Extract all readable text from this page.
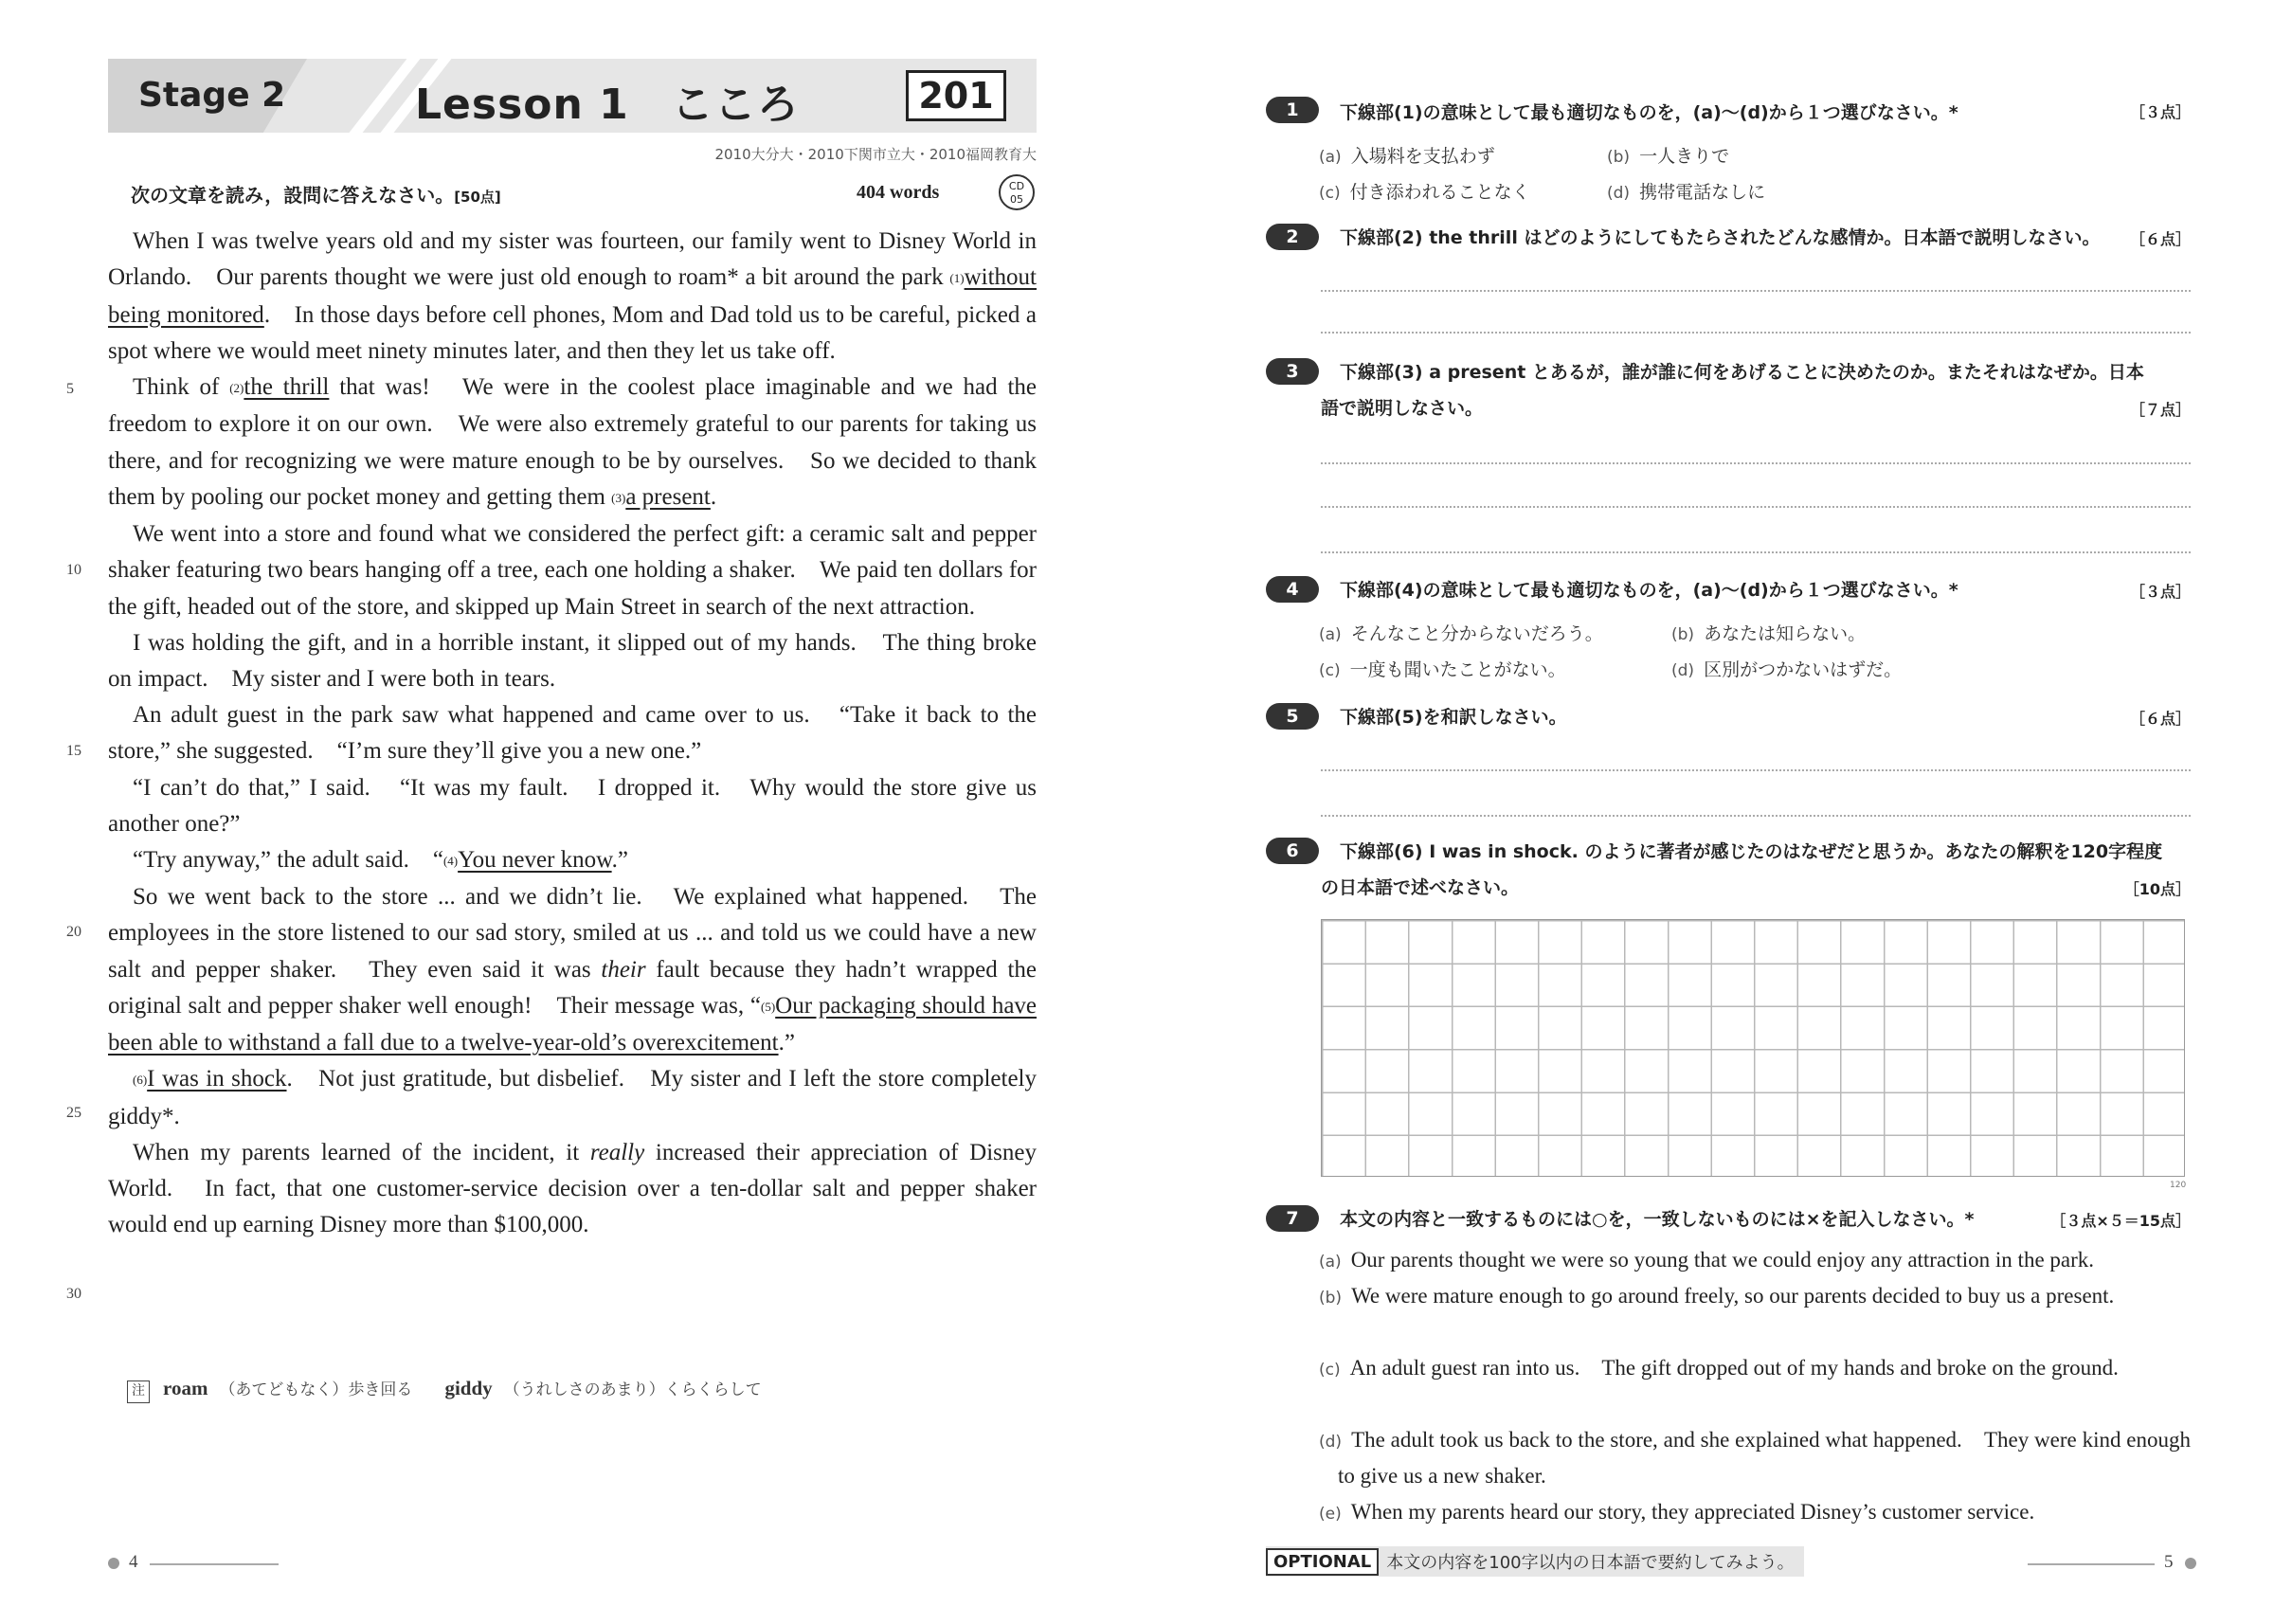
Stage 2	Lesson 1　こころ	201
2010大分大・2010下関市立大・2010福岡教育大
次の文章を読み，設問に答えなさい。[50点]	404 words	CD
05

When I was twelve years old and my sister was fourteen, our family went to Disney World in Orlando.　Our parents thought we were just old enough to roam* a bit around the park (1)without being monitored.　In those days before cell phones, Mom and Dad told us to be careful, picked a spot where we would meet ninety minutes later, and then they let us take off.

Think of (2)the thrill that was!　We were in the coolest place imaginable and we had the freedom to explore it on our own.　We were also extremely grateful to our parents for taking us there, and for recognizing we were mature enough to be by ourselves.　So we decided to thank them by pooling our pocket money and getting them (3)a present.

We went into a store and found what we considered the perfect gift: a ceramic salt and pepper shaker featuring two bears hanging off a tree, each one holding a shaker.　We paid ten dollars for the gift, headed out of the store, and skipped up Main Street in search of the next attraction.

I was holding the gift, and in a horrible instant, it slipped out of my hands.　The thing broke on impact.　My sister and I were both in tears.

An adult guest in the park saw what happened and came over to us.　“Take it back to the store,” she suggested.　“I’m sure they’ll give you a new one.”

“I can’t do that,” I said.　“It was my fault.　I dropped it.　Why would the store give us another one?”

“Try anyway,” the adult said.　“(4)You never know.”

So we went back to the store ... and we didn’t lie.　We explained what happened.　The employees in the store listened to our sad story, smiled at us ... and told us we could have a new salt and pepper shaker.　They even said it was their fault because they hadn’t wrapped the original salt and pepper shaker well enough!　Their message was, “(5)Our packaging should have been able to withstand a fall due to a twelve-year-old’s overexcitement.”

(6)I was in shock.　Not just gratitude, but disbelief.　My sister and I left the store completely giddy*.

When my parents learned of the incident, it really increased their appreciation of Disney World.　In fact, that one customer-service decision over a ten-dollar salt and pepper shaker would end up earning Disney more than $100,000.

5
10
15
20
25
30
注 roam （あてどもなく）歩き回る giddy （うれしさのあまり）くらくらして
4
1	下線部(1)の意味として最も適切なものを，(a)〜(d)から１つ選びなさい。*	［３点］
(a) 入場料を支払わず	(b) 一人きりで
(c) 付き添われることなく	(d) 携帯電話なしに
2	下線部(2) the thrill はどのようにしてもたらされたどんな感情か。日本語で説明しなさい。	［６点］
3	下線部(3) a present とあるが，誰が誰に何をあげることに決めたのか。またそれはなぜか。日本
語で説明しなさい。	［７点］
4	下線部(4)の意味として最も適切なものを，(a)〜(d)から１つ選びなさい。*	［３点］
(a) そんなこと分からないだろう。	(b) あなたは知らない。
(c) 一度も聞いたことがない。	(d) 区別がつかないはずだ。
5	下線部(5)を和訳しなさい。	［６点］
6	下線部(6) I was in shock. のように著者が感じたのはなぜだと思うか。あなたの解釈を120字程度
の日本語で述べなさい。	［10点］
120
7	本文の内容と一致するものには○を，一致しないものには×を記入しなさい。*	［３点×５＝15点］
(a) Our parents thought we were so young that we could enjoy any attraction in the park.
(b) We were mature enough to go around freely, so our parents decided to buy us a present.
(c) An adult guest ran into us.　The gift dropped out of my hands and broke on the ground.
(d) The adult took us back to the store, and she explained what happened.　They were kind enough to give us a new shaker.
(e) When my parents heard our story, they appreciated Disney’s customer service.
OPTIONAL 本文の内容を100字以内の日本語で要約してみよう。	5
